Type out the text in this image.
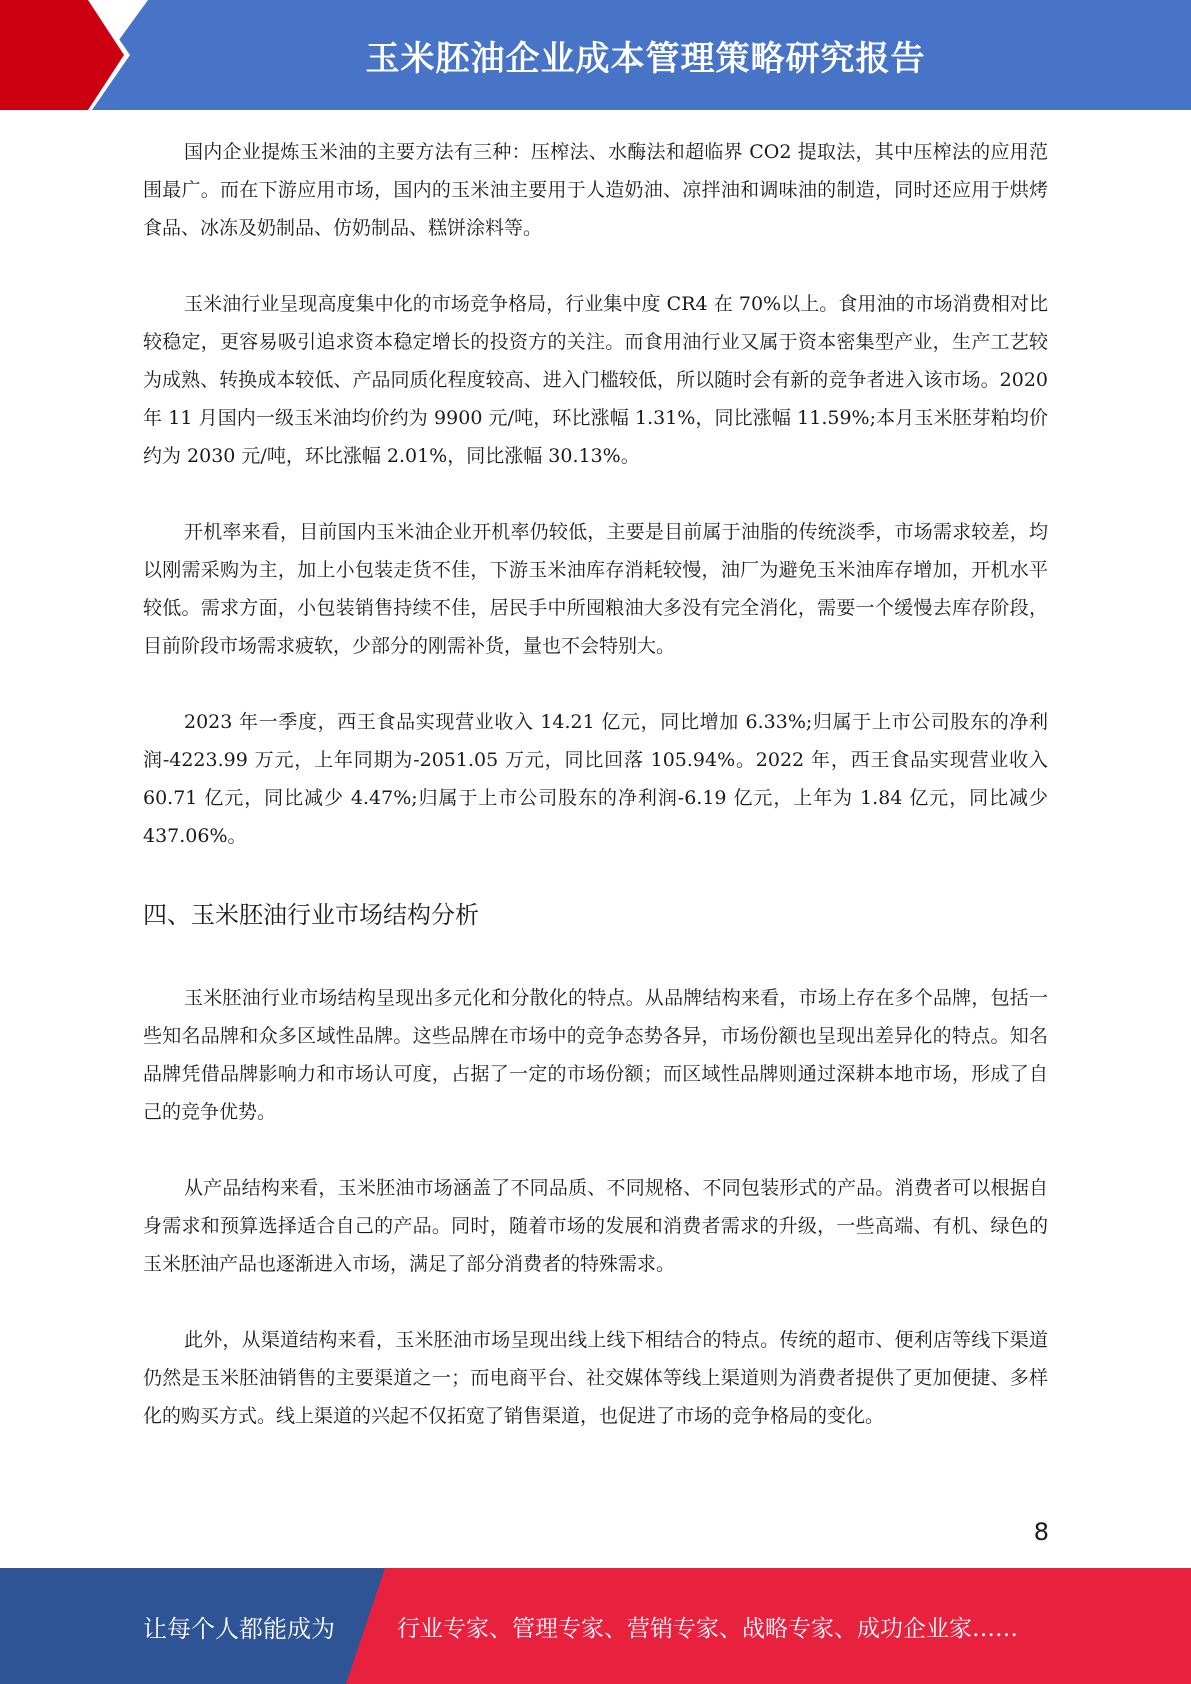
玉米胚油企业成本管理策略研究报告

国内企业提炼玉米油的主要方法有三种：压榨法、水酶法和超临界 CO2 提取法，其中压榨法的应用范围最广。而在下游应用市场，国内的玉米油主要用于人造奶油、凉拌油和调味油的制造，同时还应用于烘烤食品、冰冻及奶制品、仿奶制品、糕饼涂料等。

玉米油行业呈现高度集中化的市场竞争格局，行业集中度 CR4 在 70%以上。食用油的市场消费相对比较稳定，更容易吸引追求资本稳定增长的投资方的关注。而食用油行业又属于资本密集型产业，生产工艺较为成熟、转换成本较低、产品同质化程度较高、进入门槛较低，所以随时会有新的竞争者进入该市场。2020 年 11 月国内一级玉米油均价约为 9900 元/吨，环比涨幅 1.31%，同比涨幅 11.59%;本月玉米胚芽粕均价约为 2030 元/吨，环比涨幅 2.01%，同比涨幅 30.13%。

开机率来看，目前国内玉米油企业开机率仍较低，主要是目前属于油脂的传统淡季，市场需求较差，均以刚需采购为主，加上小包装走货不佳，下游玉米油库存消耗较慢，油厂为避免玉米油库存增加，开机水平较低。需求方面，小包装销售持续不佳，居民手中所囤粮油大多没有完全消化，需要一个缓慢去库存阶段，目前阶段市场需求疲软，少部分的刚需补货，量也不会特别大。

2023 年一季度，西王食品实现营业收入 14.21 亿元，同比增加 6.33%;归属于上市公司股东的净利润-4223.99 万元，上年同期为-2051.05 万元，同比回落 105.94%。2022 年，西王食品实现营业收入 60.71 亿元，同比减少 4.47%;归属于上市公司股东的净利润-6.19 亿元，上年为 1.84 亿元，同比减少 437.06%。

四、玉米胚油行业市场结构分析

玉米胚油行业市场结构呈现出多元化和分散化的特点。从品牌结构来看，市场上存在多个品牌，包括一些知名品牌和众多区域性品牌。这些品牌在市场中的竞争态势各异，市场份额也呈现出差异化的特点。知名品牌凭借品牌影响力和市场认可度，占据了一定的市场份额；而区域性品牌则通过深耕本地市场，形成了自己的竞争优势。

从产品结构来看，玉米胚油市场涵盖了不同品质、不同规格、不同包装形式的产品。消费者可以根据自身需求和预算选择适合自己的产品。同时，随着市场的发展和消费者需求的升级，一些高端、有机、绿色的玉米胚油产品也逐渐进入市场，满足了部分消费者的特殊需求。

此外，从渠道结构来看，玉米胚油市场呈现出线上线下相结合的特点。传统的超市、便利店等线下渠道仍然是玉米胚油销售的主要渠道之一；而电商平台、社交媒体等线上渠道则为消费者提供了更加便捷、多样化的购买方式。线上渠道的兴起不仅拓宽了销售渠道，也促进了市场的竞争格局的变化。

8
让每个人都能成为	行业专家、管理专家、营销专家、战略专家、成功企业家……
